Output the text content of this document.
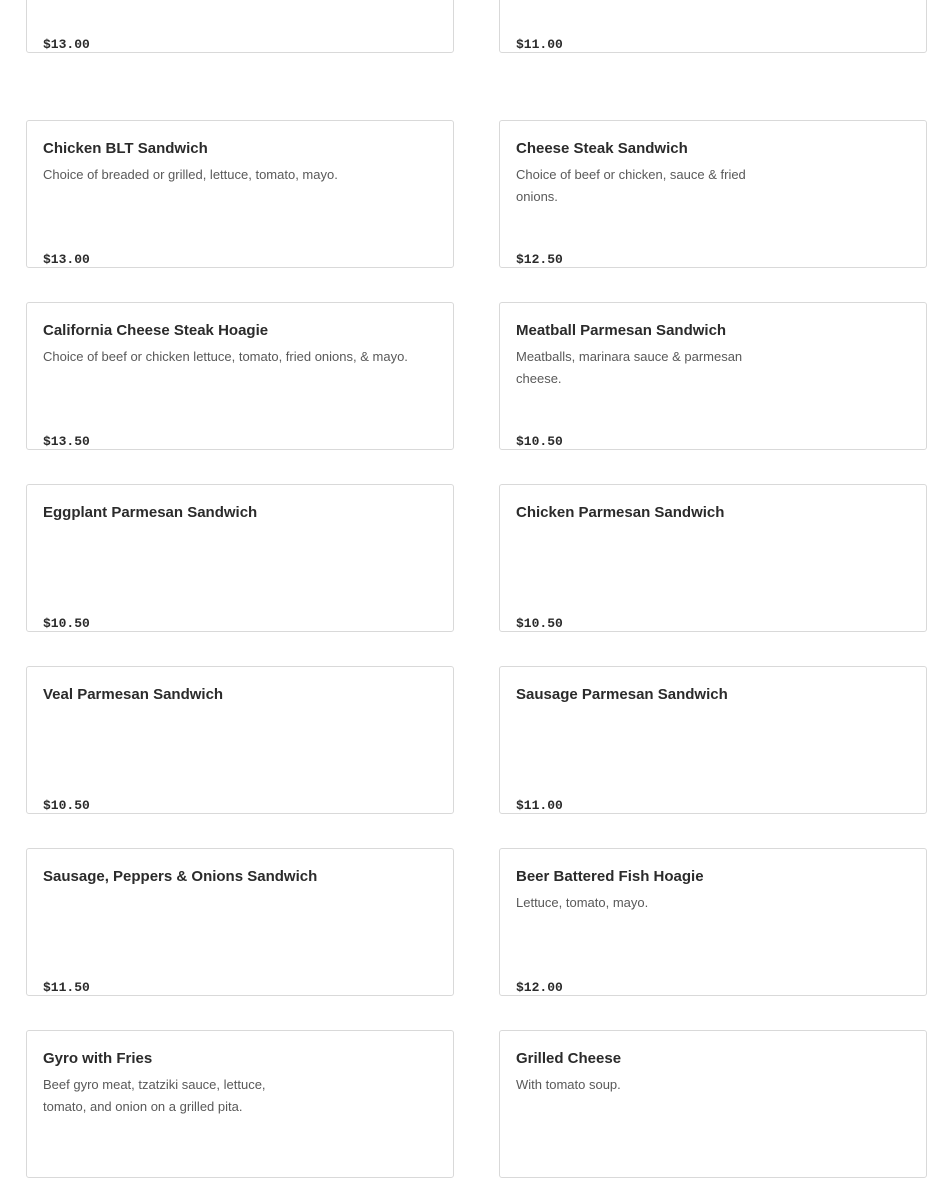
$13.00	$11.00
Chicken BLT Sandwich
Choice of breaded or grilled, lettuce, tomato, mayo.
$13.00
Cheese Steak Sandwich
Choice of beef or chicken, sauce & fried onions.
$12.50
California Cheese Steak Hoagie
Choice of beef or chicken lettuce, tomato, fried onions, & mayo.
$13.50
Meatball Parmesan Sandwich
Meatballs, marinara sauce & parmesan cheese.
$10.50
Eggplant Parmesan Sandwich
$10.50
Chicken Parmesan Sandwich
$10.50
Veal Parmesan Sandwich
$10.50
Sausage Parmesan Sandwich
$11.00
Sausage, Peppers & Onions Sandwich
$11.50
Beer Battered Fish Hoagie
Lettuce, tomato, mayo.
$12.00
Gyro with Fries
Beef gyro meat, tzatziki sauce, lettuce, tomato, and onion on a grilled pita.
Grilled Cheese
With tomato soup.
